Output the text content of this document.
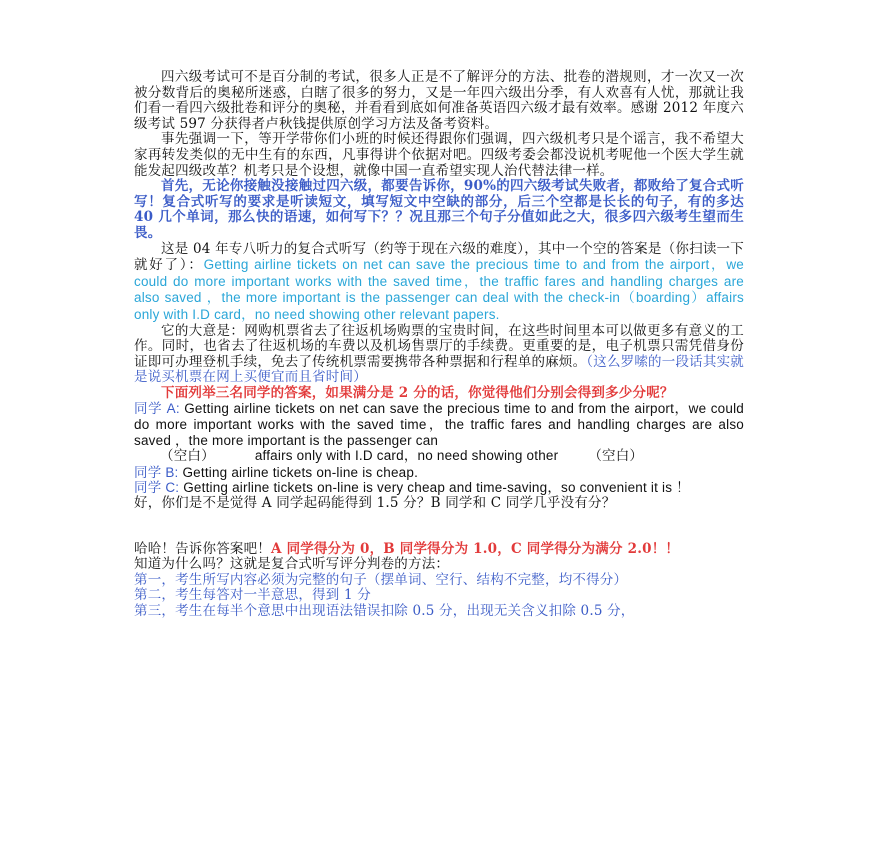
四六级考试可不是百分制的考试，很多人正是不了解评分的方法、批卷的潜规则，才一次又一次被分数背后的奥秘所迷惑，白瞎了很多的努力，又是一年四六级出分季，有人欢喜有人忧，那就让我们看一看四六级批卷和评分的奥秘，并看看到底如何准备英语四六级才最有效率。感谢 2012 年度六级考试 597 分获得者卢秋钱提供原创学习方法及备考资料。

事先强调一下，等开学带你们小班的时候还得跟你们强调，四六级机考只是个谣言，我不希望大家再转发类似的无中生有的东西，凡事得讲个依据对吧。四级考委会都没说机考呢他一个医大学生就能发起四级改革？机考只是个设想，就像中国一直希望实现人治代替法律一样。

首先，无论你接触没接触过四六级，都要告诉你，90%的四六级考试失败者，都败给了复合式听写！复合式听写的要求是听读短文，填写短文中空缺的部分，后三个空都是长长的句子，有的多达 40 几个单词，那么快的语速，如何写下？？况且那三个句子分值如此之大，很多四六级考生望而生畏。

这是 04 年专八听力的复合式听写（约等于现在六级的难度），其中一个空的答案是（你扫读一下就好了）：Getting airline tickets on net can save the precious time to and from the airport，we could do more important works with the saved time，the traffic fares and handling charges are also saved ，the more important is the passenger can deal with the check-in（boarding）affairs only with I.D card，no need showing other relevant papers.

它的大意是：网购机票省去了往返机场购票的宝贵时间，在这些时间里本可以做更多有意义的工作。同时，也省去了往返机场的车费以及机场售票厅的手续费。更重要的是，电子机票只需凭借身份证即可办理登机手续，免去了传统机票需要携带各种票据和行程单的麻烦。（这么罗嗦的一段话其实就是说买机票在网上买便宜而且省时间）

下面列举三名同学的答案，如果满分是 2 分的话，你觉得他们分别会得到多少分呢？

同学 A: Getting airline tickets on net can save the precious time to and from the airport，we could do more important works with the saved time，the traffic fares and handling charges are also saved ，the more important is the passenger can

（空白）	affairs only with I.D card，no need showing other （空白）

同学 B: Getting airline tickets on-line is cheap.

同学 C: Getting airline tickets on-line is very cheap and time-saving，so convenient it is ！

好，你们是不是觉得 A 同学起码能得到 1.5 分？B 同学和 C 同学几乎没有分？

哈哈！告诉你答案吧！A 同学得分为 0，B 同学得分为 1.0，C 同学得分为满分 2.0！！

知道为什么吗？这就是复合式听写评分判卷的方法：

第一，考生所写内容必须为完整的句子（摆单词、空行、结构不完整，均不得分）

第二，考生每答对一半意思，得到 1 分

第三，考生在每半个意思中出现语法错误扣除 0.5 分，出现无关含义扣除 0.5 分，
